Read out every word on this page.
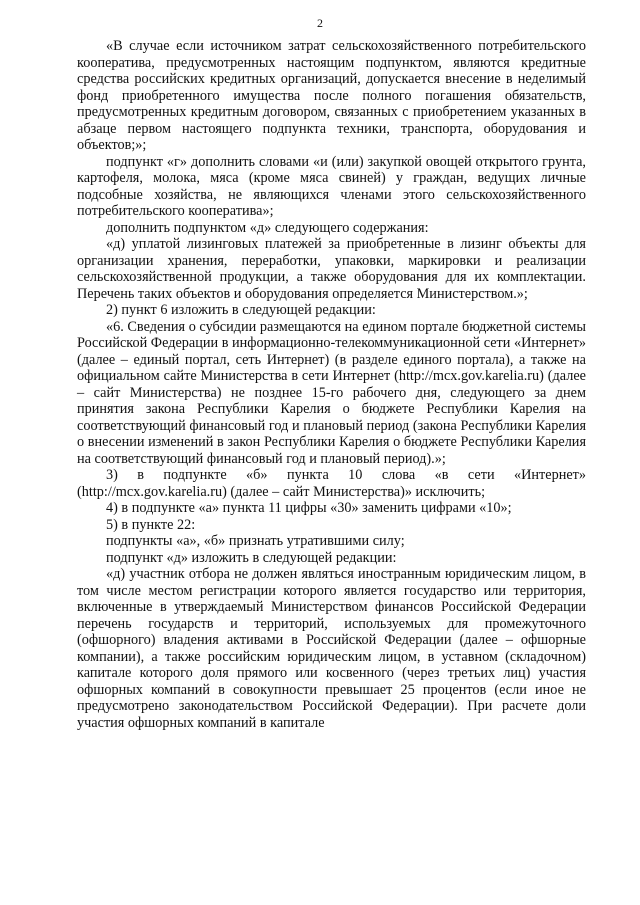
2

«В случае если источником затрат сельскохозяйственного потребительского кооператива, предусмотренных настоящим подпунктом, являются кредитные средства российских кредитных организаций, допускается внесение в неделимый фонд приобретенного имущества после полного погашения обязательств, предусмотренных кредитным договором, связанных с приобретением указанных в абзаце первом настоящего подпункта техники, транспорта, оборудования и объектов;»;

подпункт «г» дополнить словами «и (или) закупкой овощей открытого грунта, картофеля, молока, мяса (кроме мяса свиней) у граждан, ведущих личные подсобные хозяйства, не являющихся членами этого сельскохозяйственного потребительского кооператива»;

дополнить подпунктом «д» следующего содержания:

«д) уплатой лизинговых платежей за приобретенные в лизинг объекты для организации хранения, переработки, упаковки, маркировки и реализации сельскохозяйственной продукции, а также оборудования для их комплектации. Перечень таких объектов и оборудования определяется Министерством.»;

2) пункт 6 изложить в следующей редакции:

«6. Сведения о субсидии размещаются на едином портале бюджетной системы Российской Федерации в информационно-телекоммуникационной сети «Интернет» (далее – единый портал, сеть Интернет) (в разделе единого портала), а также на официальном сайте Министерства в сети Интернет (http://mcx.gov.karelia.ru) (далее – сайт Министерства) не позднее 15-го рабочего дня, следующего за днем принятия закона Республики Карелия о бюджете Республики Карелия на соответствующий финансовый год и плановый период (закона Республики Карелия о внесении изменений в закон Республики Карелия о бюджете Республики Карелия на соответствующий финансовый год и плановый период).»;

3) в подпункте «б» пункта 10 слова «в сети «Интернет» (http://mcx.gov.karelia.ru) (далее – сайт Министерства)» исключить;

4) в подпункте «а» пункта 11 цифры «30» заменить цифрами «10»;

5) в пункте 22:

подпункты «а», «б» признать утратившими силу;

подпункт «д» изложить в следующей редакции:

«д) участник отбора не должен являться иностранным юридическим лицом, в том числе местом регистрации которого является государство или территория, включенные в утверждаемый Министерством финансов Российской Федерации перечень государств и территорий, используемых для промежуточного (офшорного) владения активами в Российской Федерации (далее – офшорные компании), а также российским юридическим лицом, в уставном (складочном) капитале которого доля прямого или косвенного (через третьих лиц) участия офшорных компаний в совокупности превышает 25 процентов (если иное не предусмотрено законодательством Российской Федерации). При расчете доли участия офшорных компаний в капитале
